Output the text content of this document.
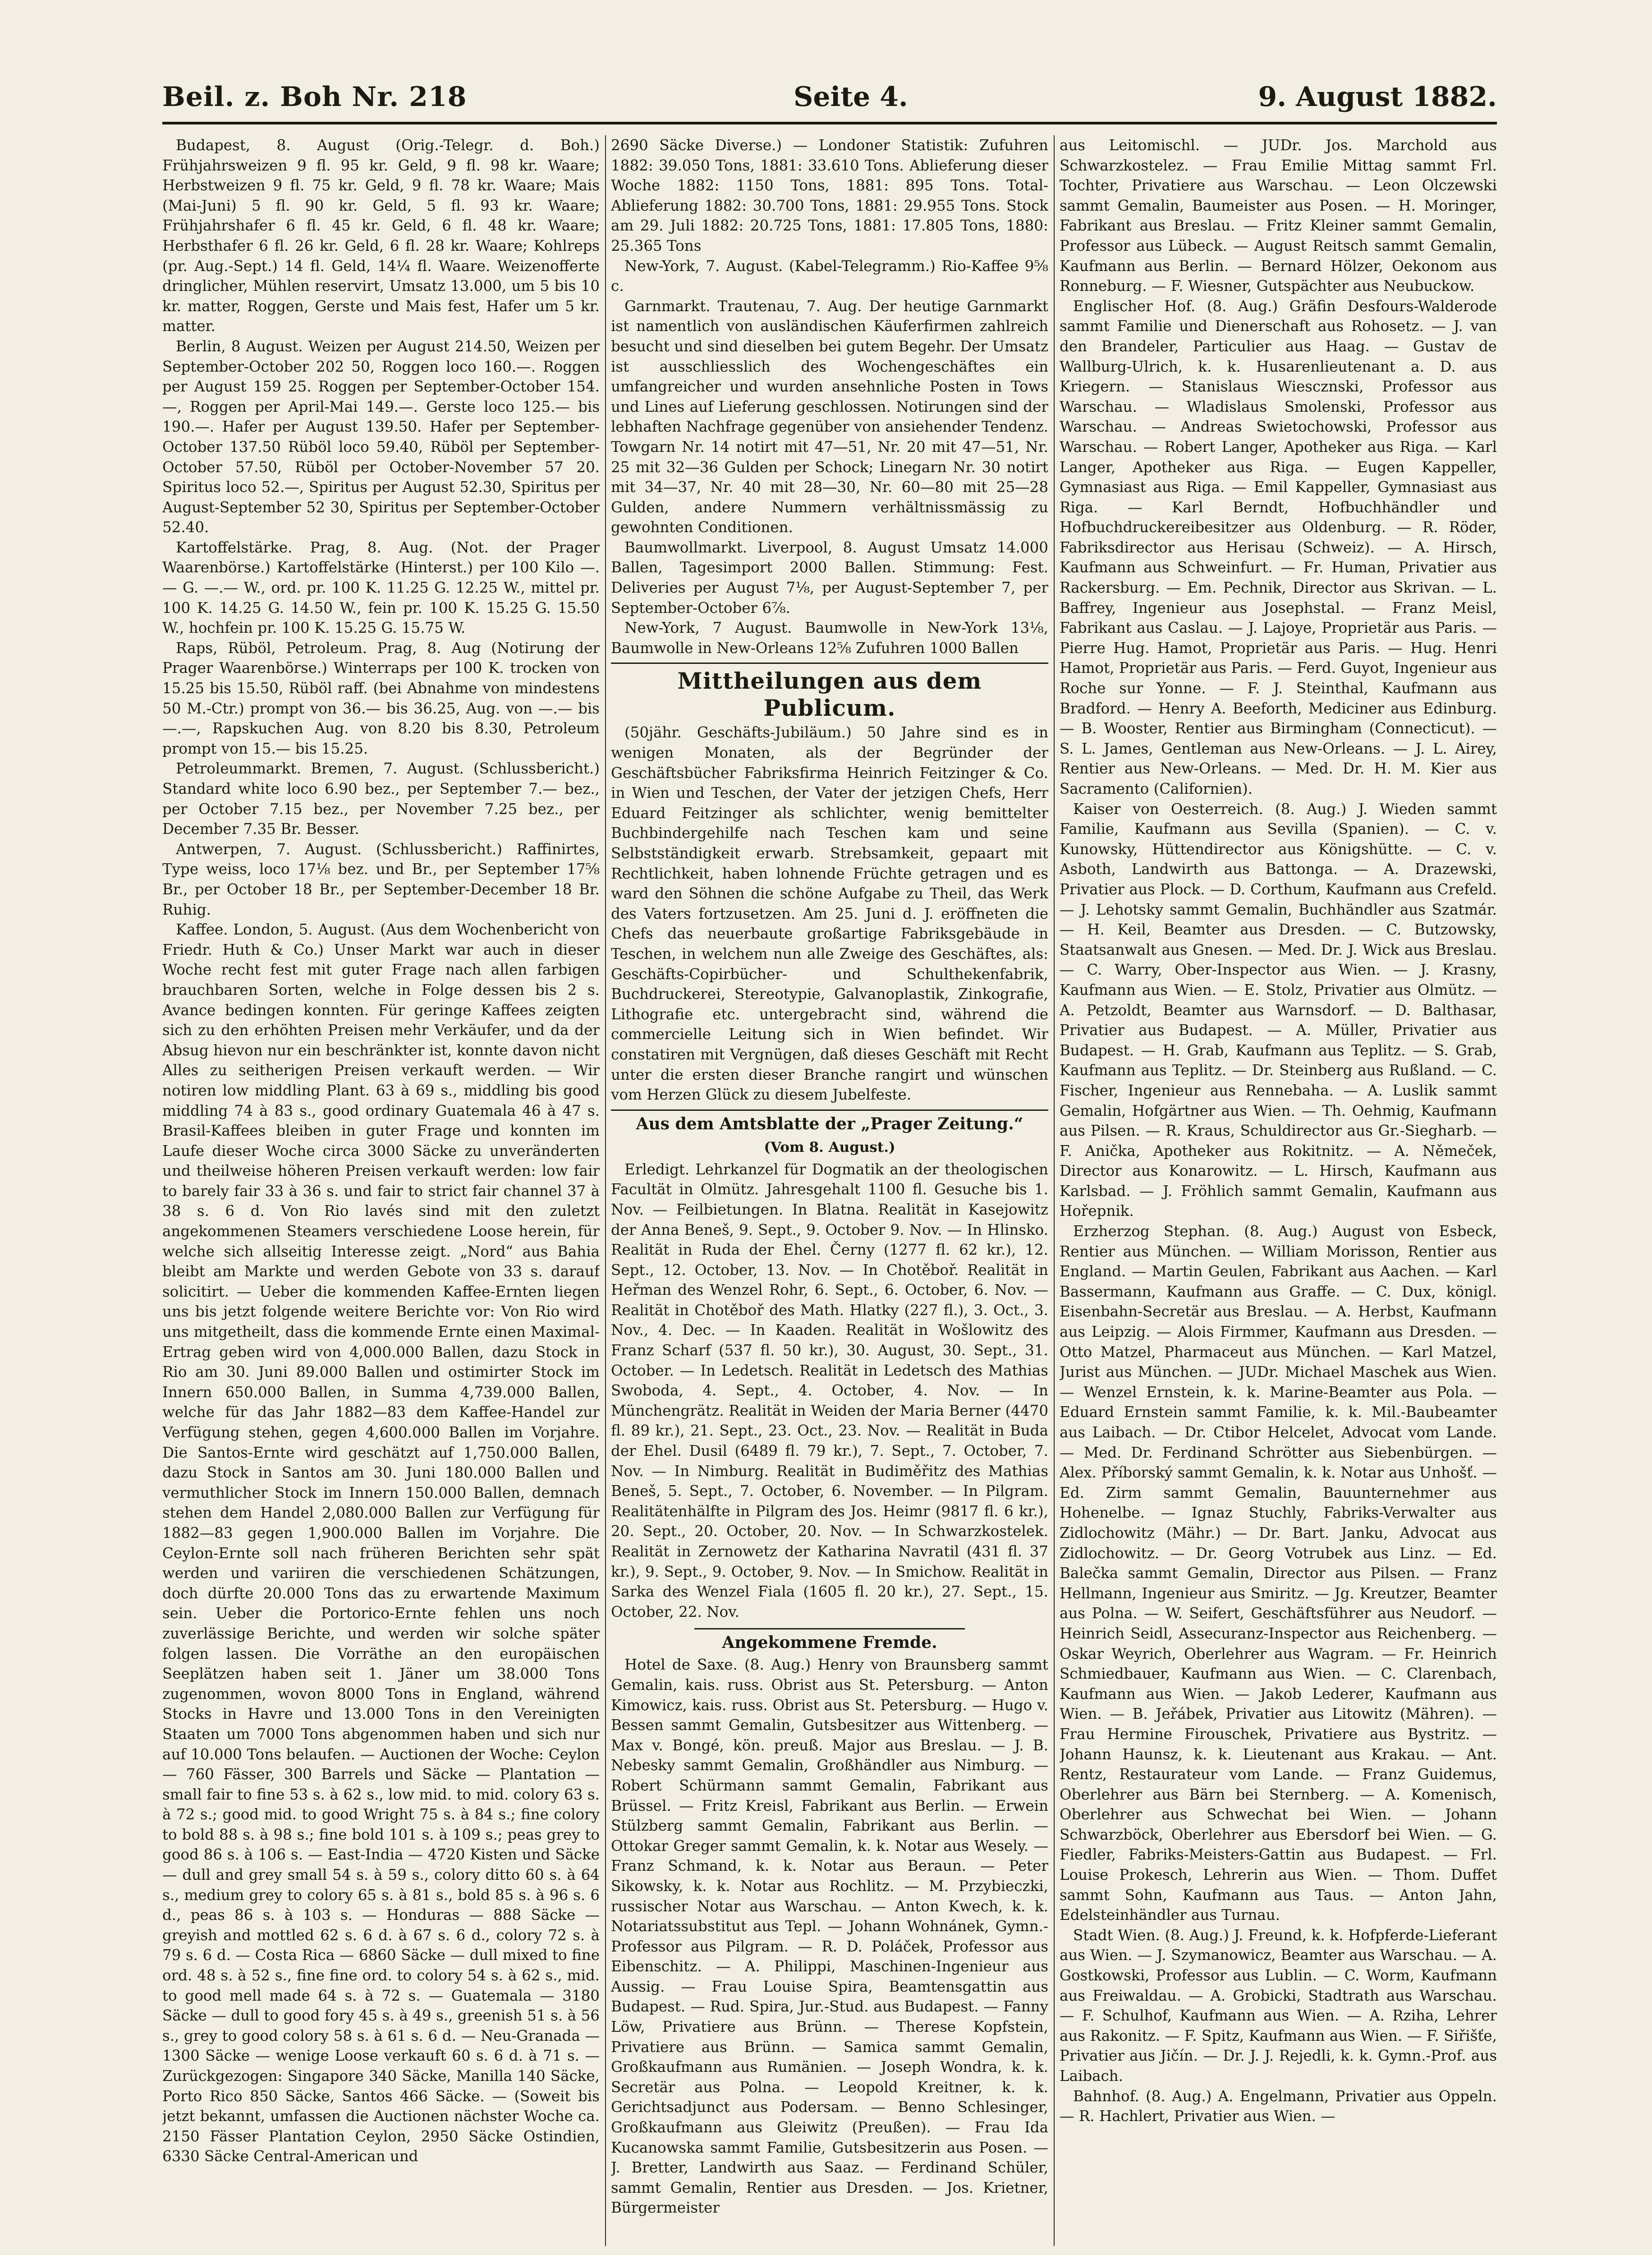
Beil. z. Boh Nr. 218	Seite 4.	9. August 1882.

Budapest, 8. August (Orig.-Telegr. d. Boh.) Frühjahrsweizen 9 fl. 95 kr. Geld, 9 fl. 98 kr. Waare; Herbstweizen 9 fl. 75 kr. Geld, 9 fl. 78 kr. Waare; Mais (Mai-Juni) 5 fl. 90 kr. Geld, 5 fl. 93 kr. Waare; Frühjahrshafer 6 fl. 45 kr. Geld, 6 fl. 48 kr. Waare; Herbsthafer 6 fl. 26 kr. Geld, 6 fl. 28 kr. Waare; Kohlreps (pr. Aug.-Sept.) 14 fl. Geld, 14¼ fl. Waare. Weizenofferte dringlicher, Mühlen reservirt, Umsatz 13.000, um 5 bis 10 kr. matter, Roggen, Gerste und Mais fest, Hafer um 5 kr. matter.

Berlin, 8 August. Weizen per August 214.50, Weizen per September-October 202 50, Roggen loco 160.—. Roggen per August 159 25. Roggen per September-October 154.—, Roggen per April-Mai 149.—. Gerste loco 125.— bis 190.—. Hafer per August 139.50. Hafer per September-October 137.50 Rüböl loco 59.40, Rüböl per September-October 57.50, Rüböl per October-November 57 20. Spiritus loco 52.—, Spiritus per August 52.30, Spiritus per August-September 52 30, Spiritus per September-October 52.40.

Kartoffelstärke. Prag, 8. Aug. (Not. der Prager Waarenbörse.) Kartoffelstärke (Hinterst.) per 100 Kilo —.— G. —.— W., ord. pr. 100 K. 11.25 G. 12.25 W., mittel pr. 100 K. 14.25 G. 14.50 W., fein pr. 100 K. 15.25 G. 15.50 W., hochfein pr. 100 K. 15.25 G. 15.75 W.

Raps, Rüböl, Petroleum. Prag, 8. Aug (Notirung der Prager Waarenbörse.) Winterraps per 100 K. trocken von 15.25 bis 15.50, Rüböl raff. (bei Abnahme von mindestens 50 M.-Ctr.) prompt von 36.— bis 36.25, Aug. von —.— bis —.—, Rapskuchen Aug. von 8.20 bis 8.30, Petroleum prompt von 15.— bis 15.25.

Petroleummarkt. Bremen, 7. August. (Schlussbericht.) Standard white loco 6.90 bez., per September 7.— bez., per October 7.15 bez., per November 7.25 bez., per December 7.35 Br. Besser.

Antwerpen, 7. August. (Schlussbericht.) Raffinirtes, Type weiss, loco 17⅛ bez. und Br., per September 17⅝ Br., per October 18 Br., per September-December 18 Br. Ruhig.

Kaffee. London, 5. August. (Aus dem Wochenbericht von Friedr. Huth & Co.) Unser Markt war auch in dieser Woche recht fest mit guter Frage nach allen farbigen brauchbaren Sorten, welche in Folge dessen bis 2 s. Avance bedingen konnten. Für geringe Kaffees zeigten sich zu den erhöhten Preisen mehr Verkäufer, und da der Absug hievon nur ein beschränkter ist, konnte davon nicht Alles zu seitherigen Preisen verkauft werden. — Wir notiren low middling Plant. 63 à 69 s., middling bis good middling 74 à 83 s., good ordinary Guatemala 46 à 47 s. Brasil-Kaffees bleiben in guter Frage und konnten im Laufe dieser Woche circa 3000 Säcke zu unveränderten und theilweise höheren Preisen verkauft werden: low fair to barely fair 33 à 36 s. und fair to strict fair channel 37 à 38 s. 6 d. Von Rio lavés sind mit den zuletzt angekommenen Steamers verschiedene Loose herein, für welche sich allseitig Interesse zeigt. „Nord“ aus Bahia bleibt am Markte und werden Gebote von 33 s. darauf solicitirt. — Ueber die kommenden Kaffee-Ernten liegen uns bis jetzt folgende weitere Berichte vor: Von Rio wird uns mitgetheilt, dass die kommende Ernte einen Maximal-Ertrag geben wird von 4,000.000 Ballen, dazu Stock in Rio am 30. Juni 89.000 Ballen und ostimirter Stock im Innern 650.000 Ballen, in Summa 4,739.000 Ballen, welche für das Jahr 1882—83 dem Kaffee-Handel zur Verfügung stehen, gegen 4,600.000 Ballen im Vorjahre. Die Santos-Ernte wird geschätzt auf 1,750.000 Ballen, dazu Stock in Santos am 30. Juni 180.000 Ballen und vermuthlicher Stock im Innern 150.000 Ballen, demnach stehen dem Handel 2,080.000 Ballen zur Verfügung für 1882—83 gegen 1,900.000 Ballen im Vorjahre. Die Ceylon-Ernte soll nach früheren Berichten sehr spät werden und variiren die verschiedenen Schätzungen, doch dürfte 20.000 Tons das zu erwartende Maximum sein. Ueber die Portorico-Ernte fehlen uns noch zuverlässige Berichte, und werden wir solche später folgen lassen. Die Vorräthe an den europäischen Seeplätzen haben seit 1. Jäner um 38.000 Tons zugenommen, wovon 8000 Tons in England, während Stocks in Havre und 13.000 Tons in den Vereinigten Staaten um 7000 Tons abgenommen haben und sich nur auf 10.000 Tons belaufen. — Auctionen der Woche: Ceylon — 760 Fässer, 300 Barrels und Säcke — Plantation — small fair to fine 53 s. à 62 s., low mid. to mid. colory 63 s. à 72 s.; good mid. to good Wright 75 s. à 84 s.; fine colory to bold 88 s. à 98 s.; fine bold 101 s. à 109 s.; peas grey to good 86 s. à 106 s. — East-India — 4720 Kisten und Säcke — dull and grey small 54 s. à 59 s., colory ditto 60 s. à 64 s., medium grey to colory 65 s. à 81 s., bold 85 s. à 96 s. 6 d., peas 86 s. à 103 s. — Honduras — 888 Säcke — greyish and mottled 62 s. 6 d. à 67 s. 6 d., colory 72 s. à 79 s. 6 d. — Costa Rica — 6860 Säcke — dull mixed to fine ord. 48 s. à 52 s., fine fine ord. to colory 54 s. à 62 s., mid. to good mell made 64 s. à 72 s. — Guatemala — 3180 Säcke — dull to good fory 45 s. à 49 s., greenish 51 s. à 56 s., grey to good colory 58 s. à 61 s. 6 d. — Neu-Granada — 1300 Säcke — wenige Loose verkauft 60 s. 6 d. à 71 s. — Zurückgezogen: Singapore 340 Säcke, Manilla 140 Säcke, Porto Rico 850 Säcke, Santos 466 Säcke. — (Soweit bis jetzt bekannt, umfassen die Auctionen nächster Woche ca. 2150 Fässer Plantation Ceylon, 2950 Säcke Ostindien, 6330 Säcke Central-American und

2690 Säcke Diverse.) — Londoner Statistik: Zufuhren 1882: 39.050 Tons, 1881: 33.610 Tons. Ablieferung dieser Woche 1882: 1150 Tons, 1881: 895 Tons. Total-Ablieferung 1882: 30.700 Tons, 1881: 29.955 Tons. Stock am 29. Juli 1882: 20.725 Tons, 1881: 17.805 Tons, 1880: 25.365 Tons

New-York, 7. August. (Kabel-Telegramm.) Rio-Kaffee 9⅝ c.

Garnmarkt. Trautenau, 7. Aug. Der heutige Garnmarkt ist namentlich von ausländischen Käuferfirmen zahlreich besucht und sind dieselben bei gutem Begehr. Der Umsatz ist ausschliesslich des Wochengeschäftes ein umfangreicher und wurden ansehnliche Posten in Tows und Lines auf Lieferung geschlossen. Notirungen sind der lebhaften Nachfrage gegenüber von ansiehender Tendenz. Towgarn Nr. 14 notirt mit 47—51, Nr. 20 mit 47—51, Nr. 25 mit 32—36 Gulden per Schock; Linegarn Nr. 30 notirt mit 34—37, Nr. 40 mit 28—30, Nr. 60—80 mit 25—28 Gulden, andere Nummern verhältnissmässig zu gewohnten Conditionen.

Baumwollmarkt. Liverpool, 8. August Umsatz 14.000 Ballen, Tagesimport 2000 Ballen. Stimmung: Fest. Deliveries per August 7⅛, per August-September 7, per September-October 6⅞.

New-York, 7 August. Baumwolle in New-York 13⅛, Baumwolle in New-Orleans 12⅝ Zufuhren 1000 Ballen

Mittheilungen aus dem Publicum.

(50jähr. Geschäfts-Jubiläum.) 50 Jahre sind es in wenigen Monaten, als der Begründer der Geschäftsbücher Fabriksfirma Heinrich Feitzinger & Co. in Wien und Teschen, der Vater der jetzigen Chefs, Herr Eduard Feitzinger als schlichter, wenig bemittelter Buchbindergehilfe nach Teschen kam und seine Selbstständigkeit erwarb. Strebsamkeit, gepaart mit Rechtlichkeit, haben lohnende Früchte getragen und es ward den Söhnen die schöne Aufgabe zu Theil, das Werk des Vaters fortzusetzen. Am 25. Juni d. J. eröffneten die Chefs das neuerbaute großartige Fabriksgebäude in Teschen, in welchem nun alle Zweige des Geschäftes, als: Geschäfts-Copirbücher- und Schulthekenfabrik, Buchdruckerei, Stereotypie, Galvanoplastik, Zinkografie, Lithografie etc. untergebracht sind, während die commercielle Leitung sich in Wien befindet. Wir constatiren mit Vergnügen, daß dieses Geschäft mit Recht unter die ersten dieser Branche rangirt und wünschen vom Herzen Glück zu diesem Jubelfeste.

Aus dem Amtsblatte der „Prager Zeitung.“
(Vom 8. August.)

Erledigt. Lehrkanzel für Dogmatik an der theologischen Facultät in Olmütz. Jahresgehalt 1100 fl. Gesuche bis 1. Nov. — Feilbietungen. In Blatna. Realität in Kasejowitz der Anna Beneš, 9. Sept., 9. October 9. Nov. — In Hlinsko. Realität in Ruda der Ehel. Černy (1277 fl. 62 kr.), 12. Sept., 12. October, 13. Nov. — In Chotěboř. Realität in Heřman des Wenzel Rohr, 6. Sept., 6. October, 6. Nov. — Realität in Chotěboř des Math. Hlatky (227 fl.), 3. Oct., 3. Nov., 4. Dec. — In Kaaden. Realität in Wošlowitz des Franz Scharf (537 fl. 50 kr.), 30. August, 30. Sept., 31. October. — In Ledetsch. Realität in Ledetsch des Mathias Swoboda, 4. Sept., 4. October, 4. Nov. — In Münchengrätz. Realität in Weiden der Maria Berner (4470 fl. 89 kr.), 21. Sept., 23. Oct., 23. Nov. — Realität in Buda der Ehel. Dusil (6489 fl. 79 kr.), 7. Sept., 7. October, 7. Nov. — In Nimburg. Realität in Budiměřitz des Mathias Beneš, 5. Sept., 7. October, 6. November. — In Pilgram. Realitätenhälfte in Pilgram des Jos. Heimr (9817 fl. 6 kr.), 20. Sept., 20. October, 20. Nov. — In Schwarzkostelek. Realität in Zernowetz der Katharina Navratil (431 fl. 37 kr.), 9. Sept., 9. October, 9. Nov. — In Smichow. Realität in Sarka des Wenzel Fiala (1605 fl. 20 kr.), 27. Sept., 15. October, 22. Nov.

Angekommene Fremde.

Hotel de Saxe. (8. Aug.) Henry von Braunsberg sammt Gemalin, kais. russ. Obrist aus St. Petersburg. — Anton Kimowicz, kais. russ. Obrist aus St. Petersburg. — Hugo v. Bessen sammt Gemalin, Gutsbesitzer aus Wittenberg. — Max v. Bongé, kön. preuß. Major aus Breslau. — J. B. Nebesky sammt Gemalin, Großhändler aus Nimburg. — Robert Schürmann sammt Gemalin, Fabrikant aus Brüssel. — Fritz Kreisl, Fabrikant aus Berlin. — Erwein Stülzberg sammt Gemalin, Fabrikant aus Berlin. — Ottokar Greger sammt Gemalin, k. k. Notar aus Wesely. — Franz Schmand, k. k. Notar aus Beraun. — Peter Sikowsky, k. k. Notar aus Rochlitz. — M. Przybieczki, russischer Notar aus Warschau. — Anton Kwech, k. k. Notariatssubstitut aus Tepl. — Johann Wohnánek, Gymn.-Professor aus Pilgram. — R. D. Poláček, Professor aus Eibenschitz. — A. Philippi, Maschinen-Ingenieur aus Aussig. — Frau Louise Spira, Beamtensgattin aus Budapest. — Rud. Spira, Jur.-Stud. aus Budapest. — Fanny Löw, Privatiere aus Brünn. — Therese Kopfstein, Privatiere aus Brünn. — Samica sammt Gemalin, Großkaufmann aus Rumänien. — Joseph Wondra, k. k. Secretär aus Polna. — Leopold Kreitner, k. k. Gerichtsadjunct aus Podersam. — Benno Schlesinger, Großkaufmann aus Gleiwitz (Preußen). — Frau Ida Kucanowska sammt Familie, Gutsbesitzerin aus Posen. — J. Bretter, Landwirth aus Saaz. — Ferdinand Schüler, sammt Gemalin, Rentier aus Dresden. — Jos. Krietner, Bürgermeister

aus Leitomischl. — JUDr. Jos. Marchold aus Schwarzkostelez. — Frau Emilie Mittag sammt Frl. Tochter, Privatiere aus Warschau. — Leon Olczewski sammt Gemalin, Baumeister aus Posen. — H. Moringer, Fabrikant aus Breslau. — Fritz Kleiner sammt Gemalin, Professor aus Lübeck. — August Reitsch sammt Gemalin, Kaufmann aus Berlin. — Bernard Hölzer, Oekonom aus Ronneburg. — F. Wiesner, Gutspächter aus Neubuckow.

Englischer Hof. (8. Aug.) Gräfin Desfours-Walderode sammt Familie und Dienerschaft aus Rohosetz. — J. van den Brandeler, Particulier aus Haag. — Gustav de Wallburg-Ulrich, k. k. Husarenlieutenant a. D. aus Kriegern. — Stanislaus Wiescznski, Professor aus Warschau. — Wladislaus Smolenski, Professor aus Warschau. — Andreas Swietochowski, Professor aus Warschau. — Robert Langer, Apotheker aus Riga. — Karl Langer, Apotheker aus Riga. — Eugen Kappeller, Gymnasiast aus Riga. — Emil Kappeller, Gymnasiast aus Riga. — Karl Berndt, Hofbuchhändler und Hofbuchdruckereibesitzer aus Oldenburg. — R. Röder, Fabriksdirector aus Herisau (Schweiz). — A. Hirsch, Kaufmann aus Schweinfurt. — Fr. Human, Privatier aus Rackersburg. — Em. Pechnik, Director aus Skrivan. — L. Baffrey, Ingenieur aus Josephstal. — Franz Meisl, Fabrikant aus Caslau. — J. Lajoye, Proprietär aus Paris. — Pierre Hug. Hamot, Proprietär aus Paris. — Hug. Henri Hamot, Proprietär aus Paris. — Ferd. Guyot, Ingenieur aus Roche sur Yonne. — F. J. Steinthal, Kaufmann aus Bradford. — Henry A. Beeforth, Mediciner aus Edinburg. — B. Wooster, Rentier aus Birmingham (Connecticut). — S. L. James, Gentleman aus New-Orleans. — J. L. Airey, Rentier aus New-Orleans. — Med. Dr. H. M. Kier aus Sacramento (Californien).

Kaiser von Oesterreich. (8. Aug.) J. Wieden sammt Familie, Kaufmann aus Sevilla (Spanien). — C. v. Kunowsky, Hüttendirector aus Königshütte. — C. v. Asboth, Landwirth aus Battonga. — A. Drazewski, Privatier aus Plock. — D. Corthum, Kaufmann aus Crefeld. — J. Lehotsky sammt Gemalin, Buchhändler aus Szatmár. — H. Keil, Beamter aus Dresden. — C. Butzowsky, Staatsanwalt aus Gnesen. — Med. Dr. J. Wick aus Breslau. — C. Warry, Ober-Inspector aus Wien. — J. Krasny, Kaufmann aus Wien. — E. Stolz, Privatier aus Olmütz. — A. Petzoldt, Beamter aus Warnsdorf. — D. Balthasar, Privatier aus Budapest. — A. Müller, Privatier aus Budapest. — H. Grab, Kaufmann aus Teplitz. — S. Grab, Kaufmann aus Teplitz. — Dr. Steinberg aus Rußland. — C. Fischer, Ingenieur aus Rennebaha. — A. Luslik sammt Gemalin, Hofgärtner aus Wien. — Th. Oehmig, Kaufmann aus Pilsen. — R. Kraus, Schuldirector aus Gr.-Siegharb. — F. Anička, Apotheker aus Rokitnitz. — A. Němeček, Director aus Konarowitz. — L. Hirsch, Kaufmann aus Karlsbad. — J. Fröhlich sammt Gemalin, Kaufmann aus Hořepnik.

Erzherzog Stephan. (8. Aug.) August von Esbeck, Rentier aus München. — William Morisson, Rentier aus England. — Martin Geulen, Fabrikant aus Aachen. — Karl Bassermann, Kaufmann aus Graffe. — C. Dux, königl. Eisenbahn-Secretär aus Breslau. — A. Herbst, Kaufmann aus Leipzig. — Alois Firmmer, Kaufmann aus Dresden. — Otto Matzel, Pharmaceut aus München. — Karl Matzel, Jurist aus München. — JUDr. Michael Maschek aus Wien. — Wenzel Ernstein, k. k. Marine-Beamter aus Pola. — Eduard Ernstein sammt Familie, k. k. Mil.-Baubeamter aus Laibach. — Dr. Ctibor Helcelet, Advocat vom Lande. — Med. Dr. Ferdinand Schrötter aus Siebenbürgen. — Alex. Příborský sammt Gemalin, k. k. Notar aus Unhošť. — Ed. Zirm sammt Gemalin, Bauunternehmer aus Hohenelbe. — Ignaz Stuchly, Fabriks-Verwalter aus Zidlochowitz (Mähr.) — Dr. Bart. Janku, Advocat aus Zidlochowitz. — Dr. Georg Votrubek aus Linz. — Ed. Balečka sammt Gemalin, Director aus Pilsen. — Franz Hellmann, Ingenieur aus Smiritz. — Jg. Kreutzer, Beamter aus Polna. — W. Seifert, Geschäftsführer aus Neudorf. — Heinrich Seidl, Assecuranz-Inspector aus Reichenberg. — Oskar Weyrich, Oberlehrer aus Wagram. — Fr. Heinrich Schmiedbauer, Kaufmann aus Wien. — C. Clarenbach, Kaufmann aus Wien. — Jakob Lederer, Kaufmann aus Wien. — B. Jeřábek, Privatier aus Litowitz (Mähren). — Frau Hermine Firouschek, Privatiere aus Bystritz. — Johann Haunsz, k. k. Lieutenant aus Krakau. — Ant. Rentz, Restaurateur vom Lande. — Franz Guidemus, Oberlehrer aus Bärn bei Sternberg. — A. Komenisch, Oberlehrer aus Schwechat bei Wien. — Johann Schwarzböck, Oberlehrer aus Ebersdorf bei Wien. — G. Fiedler, Fabriks-Meisters-Gattin aus Budapest. — Frl. Louise Prokesch, Lehrerin aus Wien. — Thom. Duffet sammt Sohn, Kaufmann aus Taus. — Anton Jahn, Edelsteinhändler aus Turnau.

Stadt Wien. (8. Aug.) J. Freund, k. k. Hofpferde-Lieferant aus Wien. — J. Szymanowicz, Beamter aus Warschau. — A. Gostkowski, Professor aus Lublin. — C. Worm, Kaufmann aus Freiwaldau. — A. Grobicki, Stadtrath aus Warschau. — F. Schulhof, Kaufmann aus Wien. — A. Rziha, Lehrer aus Rakonitz. — F. Spitz, Kaufmann aus Wien. — F. Siřišťe, Privatier aus Jičín. — Dr. J. J. Rejedli, k. k. Gymn.-Prof. aus Laibach.

Bahnhof. (8. Aug.) A. Engelmann, Privatier aus Oppeln. — R. Hachlert, Privatier aus Wien. —
